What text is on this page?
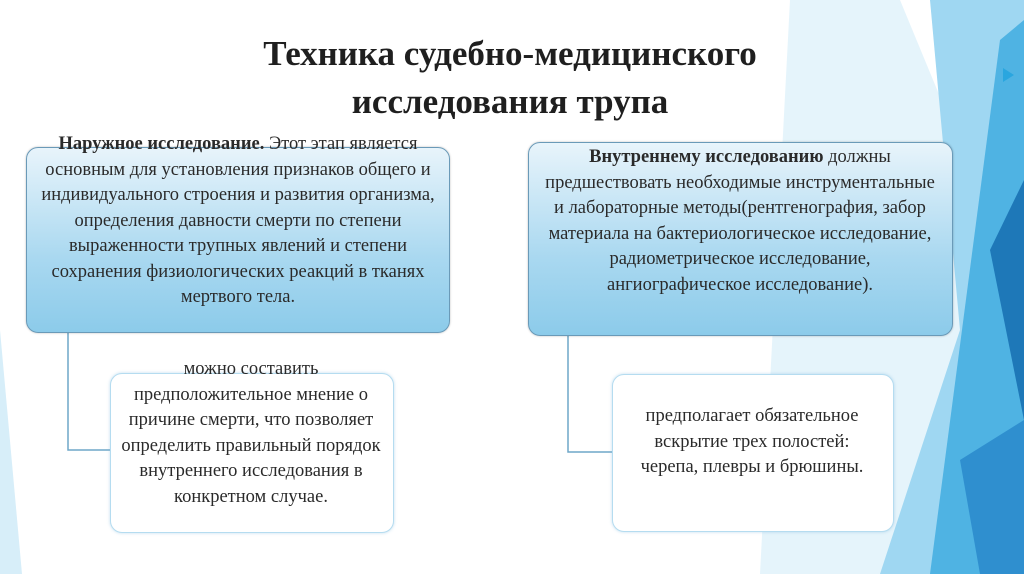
Техника судебно-медицинского
исследования трупа
Наружное исследование. Этот этап является основным для установления признаков общего и индивидуального строения и развития организма, определения давности смерти по степени выраженности трупных явлений и степени сохранения физиологических реакций в тканях мертвого тела.
можно составить предположительное мнение о причине смерти, что позволяет определить правильный порядок внутреннего исследования в конкретном случае.
Внутреннему исследованию должны предшествовать необходимые инструментальные и лабораторные методы(рентгенография, забор материала на бактериологическое исследование, радиометрическое исследование, ангиографическое исследование).
предполагает обязательное вскрытие трех полостей: черепа, плевры и брюшины.
